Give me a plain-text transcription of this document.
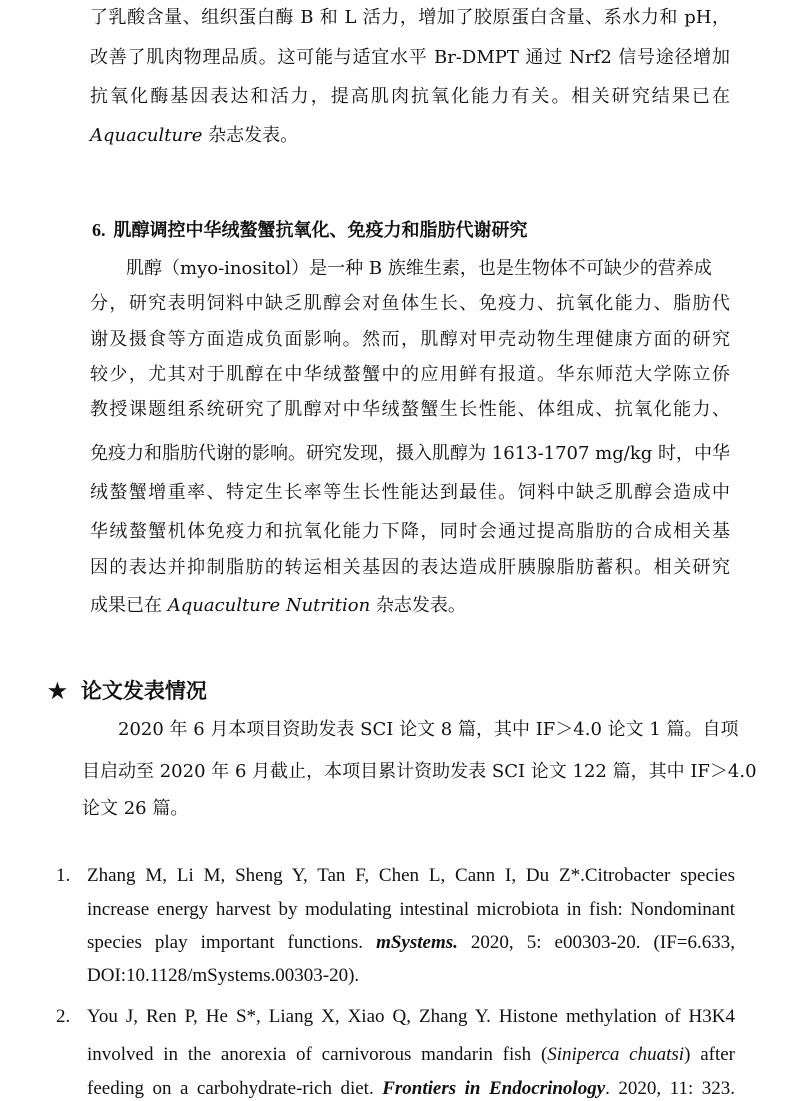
了乳酸含量、组织蛋白酶 B 和 L 活力，增加了胶原蛋白含量、系水力和 pH，
改善了肌肉物理品质。这可能与适宜水平 Br-DMPT 通过 Nrf2 信号途径增加
抗氧化酶基因表达和活力，提高肌肉抗氧化能力有关。相关研究结果已在
Aquaculture 杂志发表。
6. 肌醇调控中华绒螯蟹抗氧化、免疫力和脂肪代谢研究
肌醇（myo-inositol）是一种 B 族维生素，也是生物体不可缺少的营养成
分，研究表明饲料中缺乏肌醇会对鱼体生长、免疫力、抗氧化能力、脂肪代
谢及摄食等方面造成负面影响。然而，肌醇对甲壳动物生理健康方面的研究
较少，尤其对于肌醇在中华绒螯蟹中的应用鲜有报道。华东师范大学陈立侨
教授课题组系统研究了肌醇对中华绒螯蟹生长性能、体组成、抗氧化能力、
免疫力和脂肪代谢的影响。研究发现，摄入肌醇为 1613-1707 mg/kg 时，中华
绒螯蟹增重率、特定生长率等生长性能达到最佳。饲料中缺乏肌醇会造成中
华绒螯蟹机体免疫力和抗氧化能力下降，同时会通过提高脂肪的合成相关基
因的表达并抑制脂肪的转运相关基因的表达造成肝胰腺脂肪蓄积。相关研究
成果已在 Aquaculture Nutrition 杂志发表。
★ 论文发表情况
2020 年 6 月本项目资助发表 SCI 论文 8 篇，其中 IF＞4.0 论文 1 篇。自项
目启动至 2020 年 6 月截止，本项目累计资助发表 SCI 论文 122 篇，其中 IF＞4.0
论文 26 篇。
1. Zhang M, Li M, Sheng Y, Tan F, Chen L, Cann I, Du Z*.Citrobacter species
increase energy harvest by modulating intestinal microbiota in fish: Nondominant
species play important functions. mSystems. 2020, 5: e00303-20. (IF=6.633,
DOI:10.1128/mSystems.00303-20).
2. You J, Ren P, He S*, Liang X, Xiao Q, Zhang Y. Histone methylation of H3K4
involved in the anorexia of carnivorous mandarin fish (Siniperca chuatsi) after
feeding on a carbohydrate-rich diet. Frontiers in Endocrinology. 2020, 11: 323.
